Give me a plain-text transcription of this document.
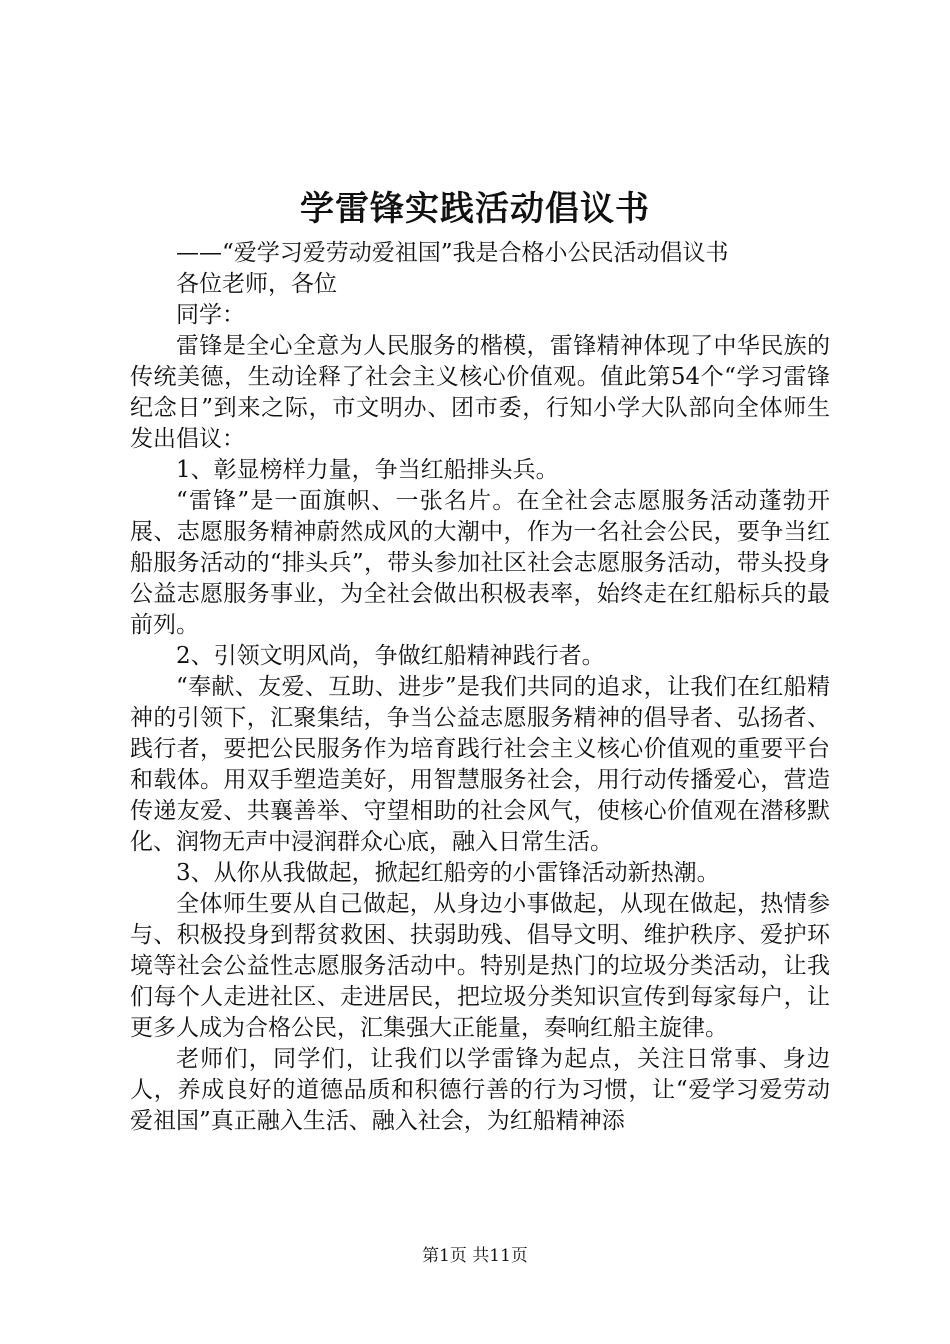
学雷锋实践活动倡议书
——“爱学习爱劳动爱祖国”我是合格小公民活动倡议书
各位老师，各位
同学：

雷锋是全心全意为人民服务的楷模，雷锋精神体现了中华民族的传统美德，生动诠释了社会主义核心价值观。值此第54个“学习雷锋纪念日”到来之际，市文明办、团市委，行知小学大队部向全体师生发出倡议：

1、彰显榜样力量，争当红船排头兵。

“雷锋”是一面旗帜、一张名片。在全社会志愿服务活动蓬勃开展、志愿服务精神蔚然成风的大潮中，作为一名社会公民，要争当红船服务活动的“排头兵”，带头参加社区社会志愿服务活动，带头投身公益志愿服务事业，为全社会做出积极表率，始终走在红船标兵的最前列。

2、引领文明风尚，争做红船精神践行者。

“奉献、友爱、互助、进步”是我们共同的追求，让我们在红船精神的引领下，汇聚集结，争当公益志愿服务精神的倡导者、弘扬者、践行者，要把公民服务作为培育践行社会主义核心价值观的重要平台和载体。用双手塑造美好，用智慧服务社会，用行动传播爱心，营造传递友爱、共襄善举、守望相助的社会风气，使核心价值观在潜移默化、润物无声中浸润群众心底，融入日常生活。

3、从你从我做起，掀起红船旁的小雷锋活动新热潮。

全体师生要从自己做起，从身边小事做起，从现在做起，热情参与、积极投身到帮贫救困、扶弱助残、倡导文明、维护秩序、爱护环境等社会公益性志愿服务活动中。特别是热门的垃圾分类活动，让我们每个人走进社区、走进居民，把垃圾分类知识宣传到每家每户，让更多人成为合格公民，汇集强大正能量，奏响红船主旋律。

老师们，同学们，让我们以学雷锋为起点，关注日常事、身边人，养成良好的道德品质和积德行善的行为习惯，让“爱学习爱劳动爱祖国”真正融入生活、融入社会，为红船精神添

第1页 共11页
